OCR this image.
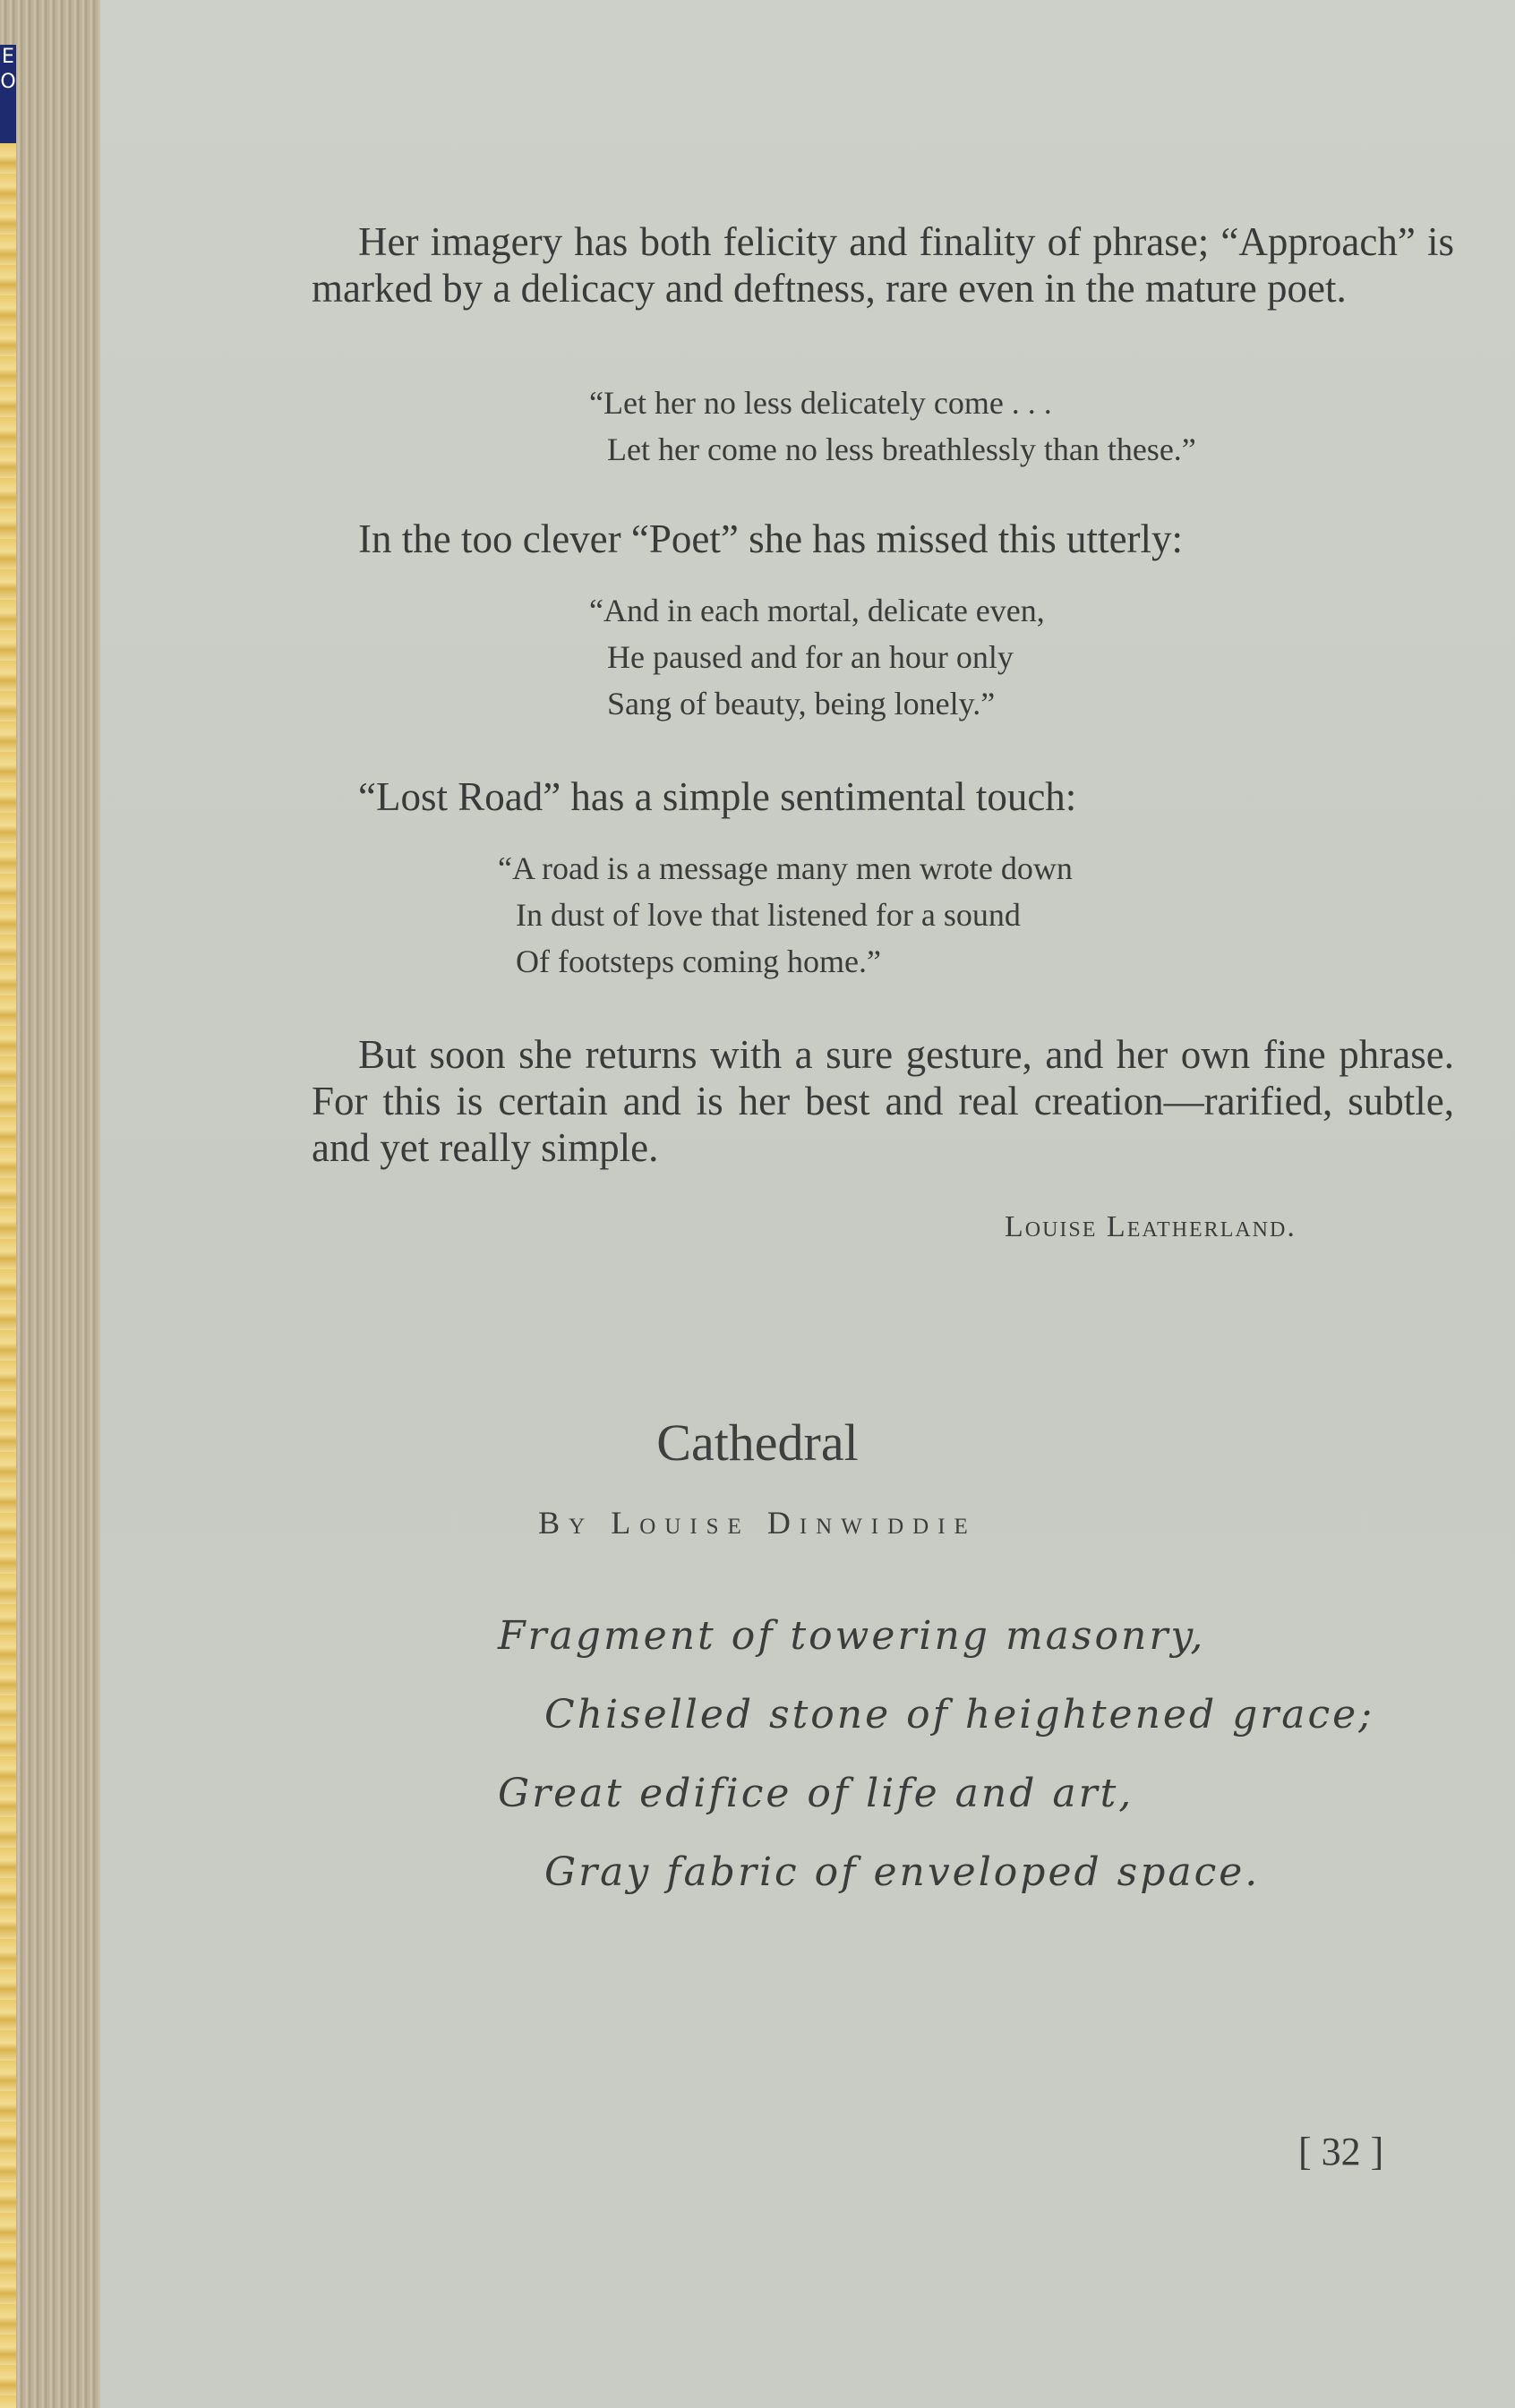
E O
Her imagery has both felicity and finality of phrase; “Approach” is marked by a delicacy and deftness, rare even in the mature poet.
“Let her no less delicately come . . .
Let her come no less breathlessly than these.”
In the too clever “Poet” she has missed this utterly:
“And in each mortal, delicate even,
He paused and for an hour only
Sang of beauty, being lonely.”
“Lost Road” has a simple sentimental touch:
“A road is a message many men wrote down
In dust of love that listened for a sound
Of footsteps coming home.”
But soon she returns with a sure gesture, and her own fine phrase. For this is certain and is her best and real creation—rarified, subtle, and yet really simple.
Louise Leatherland.
Cathedral
By Louise Dinwiddie
Fragment of towering masonry,
Chiselled stone of heightened grace;
Great edifice of life and art,
Gray fabric of enveloped space.
[ 32 ]
